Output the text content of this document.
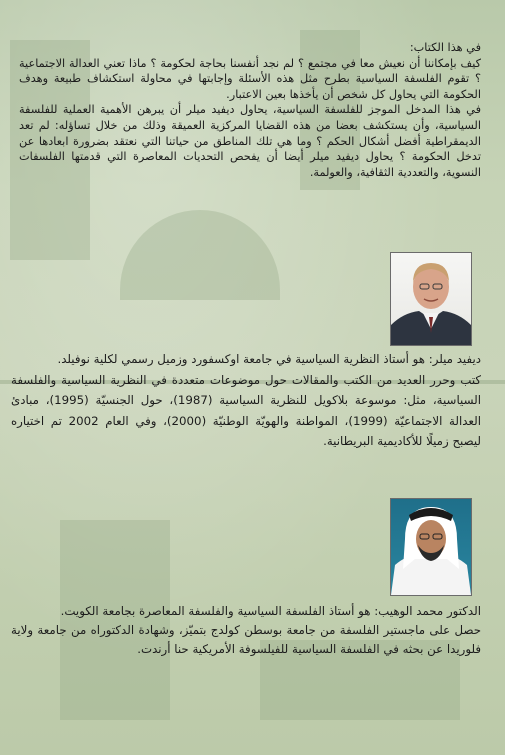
في هذا الكتاب:

كيف بإمكاننا أن نعيش معا في مجتمع ؟ لم نجد أنفسنا بحاجة لحكومة ؟ ماذا تعني العدالة الاجتماعية ؟ تقوم الفلسفة السياسية بطرح مثل هذه الأسئلة وإجابتها في محاولة استكشاف طبيعة وهدف الحكومة التي يحاول كل شخص أن يأخذها بعين الاعتبار.

في هذا المدخل الموجز للفلسفة السياسية، يحاول ديفيد ميلر أن يبرهن الأهمية العملية للفلسفة السياسية، وأن يستكشف بعضا من هذه القضايا المركزية العميقة وذلك من خلال تساؤله: لم تعد الديمقراطية أفضل أشكال الحكم ؟ وما هي تلك المناطق من حياتنا التي نعتقد بضرورة ابعادها عن تدخل الحكومة ؟ يحاول ديفيد ميلر أيضا أن يفحص التحديات المعاصرة التي قدمتها الفلسفات النسوية، والتعددية الثقافية، والعولمة.

ديفيد ميلر: هو أستاذ النظرية السياسية في جامعة اوكسفورد وزميل رسمي لكلية نوفيلد.

كتب وحرر العديد من الكتب والمقالات حول موضوعات متعددة في النظرية السياسية والفلسفة السياسية، مثل: موسوعة بلاكويل للنظرية السياسية (1987)، حول الجنسيّة (1995)، مبادئ العدالة الاجتماعيّة (1999)، المواطنة والهويّة الوطنيّة (2000)، وفي العام 2002 تم اختياره ليصبح زميلًا للأكاديمية البريطانية.

الدكتور محمد الوهيب: هو أستاذ الفلسفة السياسية والفلسفة المعاصرة بجامعة الكويت.

حصل على ماجستير الفلسفة من جامعة بوسطن كولدج بتميّز، وشهادة الدكتوراه من جامعة ولاية فلوريدا عن بحثه في الفلسفة السياسية للفيلسوفة الأمريكية حنا أرندت.
